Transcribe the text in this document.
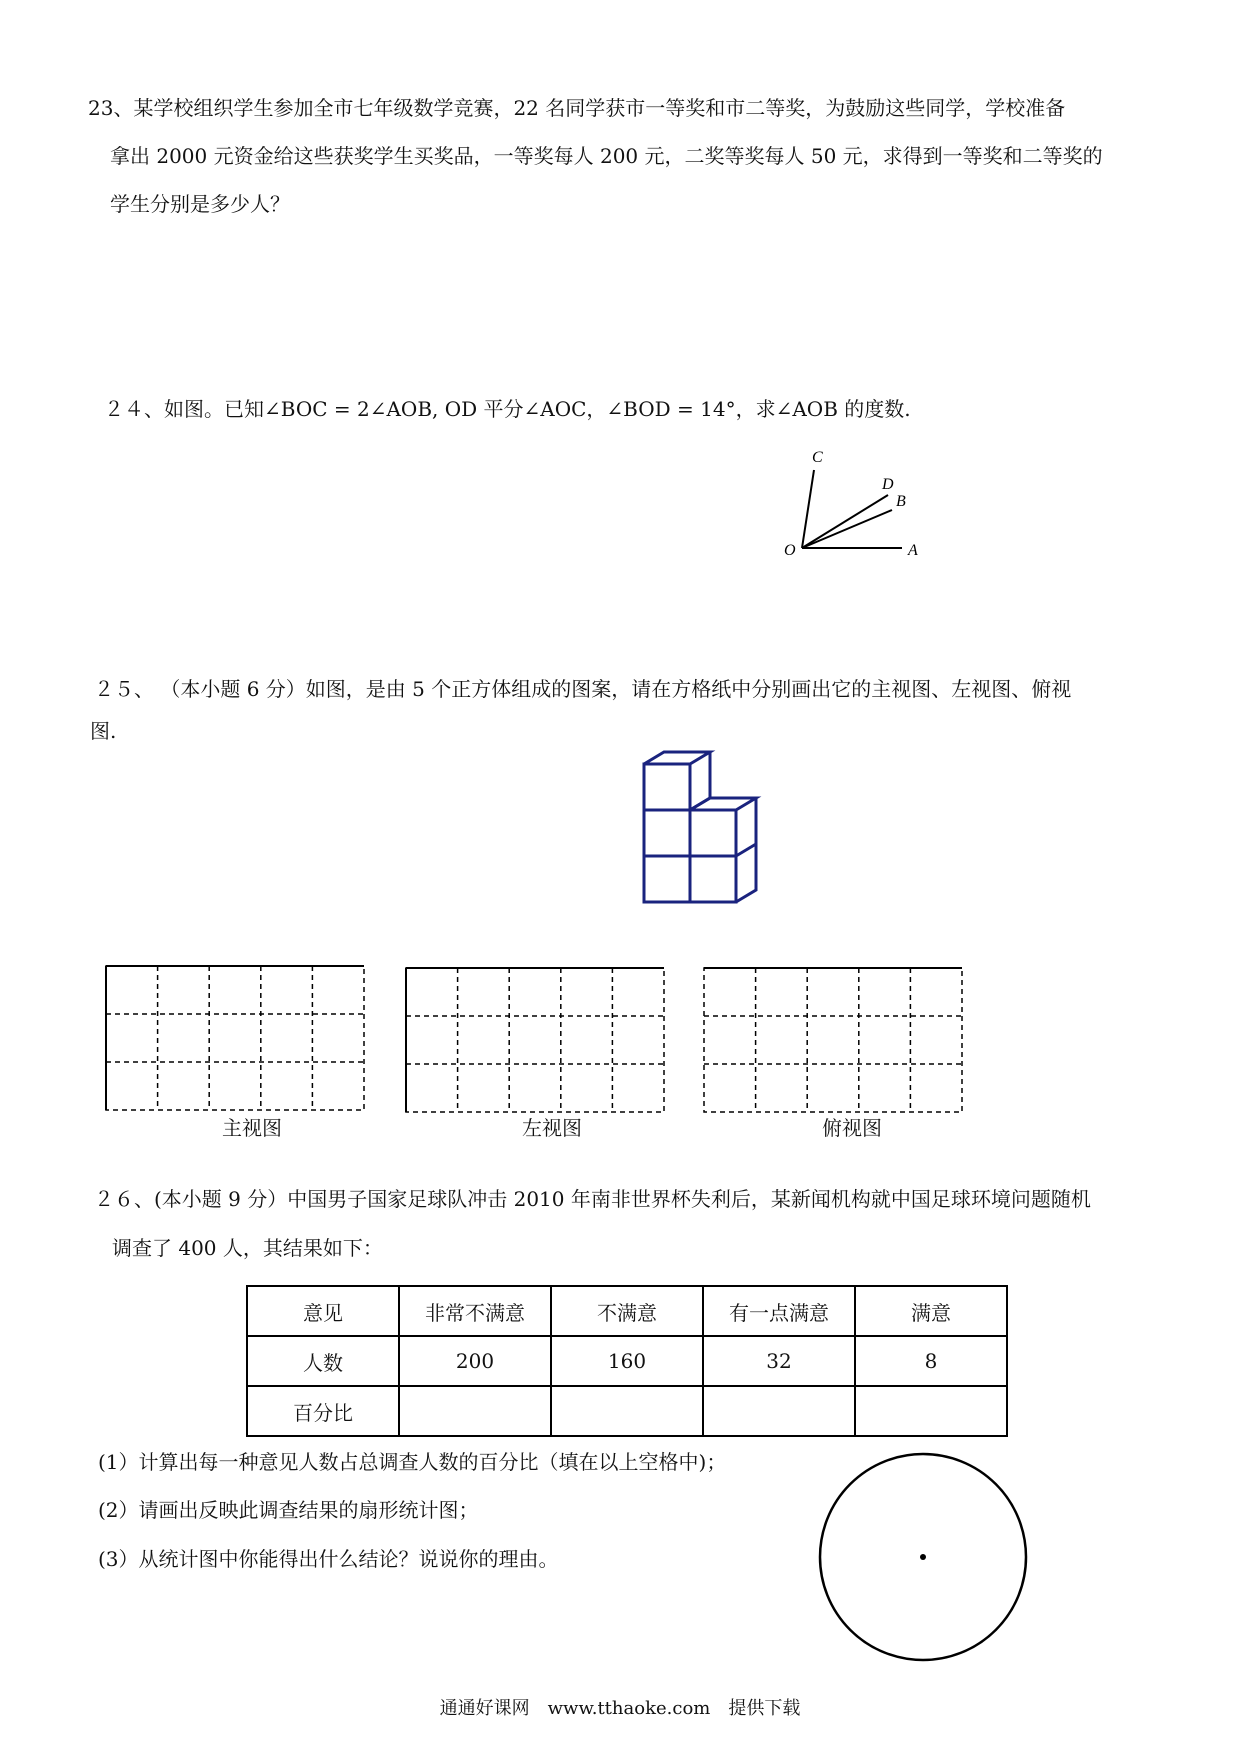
23、某学校组织学生参加全市七年级数学竞赛，22 名同学获市一等奖和市二等奖，为鼓励这些同学，学校准备
拿出 2000 元资金给这些获奖学生买奖品，一等奖每人 200 元，二奖等奖每人 50 元，求得到一等奖和二等奖的
学生分别是多少人？
２４、如图。已知∠BOC = 2∠AOB, OD 平分∠AOC，∠BOD = 14°，求∠AOB 的度数.
C
D
B
O	A
２５、 （本小题 6 分）如图，是由 5 个正方体组成的图案，请在方格纸中分别画出它的主视图、左视图、俯视
图.
主视图	左视图	俯视图
２６、(本小题 9 分）中国男子国家足球队冲击 2010 年南非世界杯失利后，某新闻机构就中国足球环境问题随机
调查了 400 人，其结果如下：
意见	非常不满意	不满意	有一点满意	满意
人数	200	160	32	8
百分比				
(1）计算出每一种意见人数占总调查人数的百分比（填在以上空格中)；
(2）请画出反映此调查结果的扇形统计图；
(3）从统计图中你能得出什么结论？说说你的理由。
通通好课网　www.tthaoke.com　提供下载
